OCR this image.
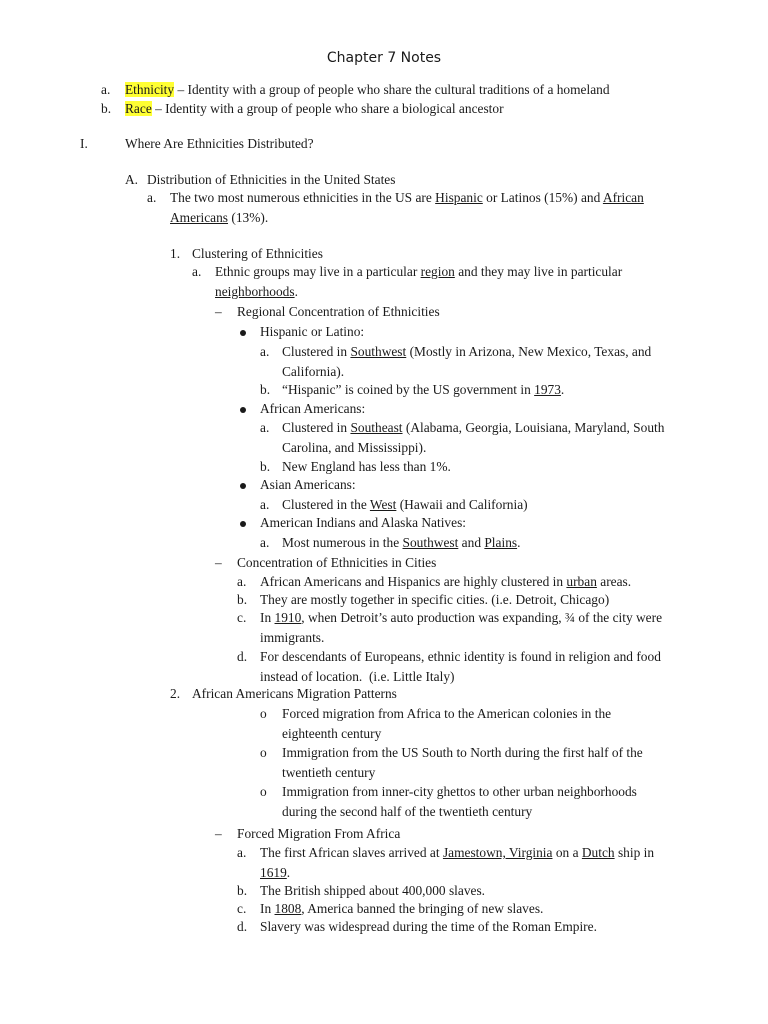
Chapter 7 Notes
a. Ethnicity – Identity with a group of people who share the cultural traditions of a homeland
b. Race – Identity with a group of people who share a biological ancestor
I.	Where Are Ethnicities Distributed?
A. Distribution of Ethnicities in the United States
a. The two most numerous ethnicities in the US are Hispanic or Latinos (15%) and African
Americans (13%).
1. Clustering of Ethnicities
a. Ethnic groups may live in a particular region and they may live in particular
neighborhoods.
– Regional Concentration of Ethnicities
Hispanic or Latino:
a. Clustered in Southwest (Mostly in Arizona, New Mexico, Texas, and
California).
b. “Hispanic” is coined by the US government in 1973.
African Americans:
a. Clustered in Southeast (Alabama, Georgia, Louisiana, Maryland, South
Carolina, and Mississippi).
b. New England has less than 1%.
Asian Americans:
a. Clustered in the West (Hawaii and California)
American Indians and Alaska Natives:
a. Most numerous in the Southwest and Plains.
– Concentration of Ethnicities in Cities
a. African Americans and Hispanics are highly clustered in urban areas.
b. They are mostly together in specific cities. (i.e. Detroit, Chicago)
c. In 1910, when Detroit’s auto production was expanding, ¾ of the city were
immigrants.
d. For descendants of Europeans, ethnic identity is found in religion and food
instead of location.  (i.e. Little Italy)
2. African Americans Migration Patterns
o Forced migration from Africa to the American colonies in the
eighteenth century
o Immigration from the US South to North during the first half of the
twentieth century
o Immigration from inner-city ghettos to other urban neighborhoods
during the second half of the twentieth century
– Forced Migration From Africa
a. The first African slaves arrived at Jamestown, Virginia on a Dutch ship in
1619.
b. The British shipped about 400,000 slaves.
c. In 1808, America banned the bringing of new slaves.
d. Slavery was widespread during the time of the Roman Empire.
